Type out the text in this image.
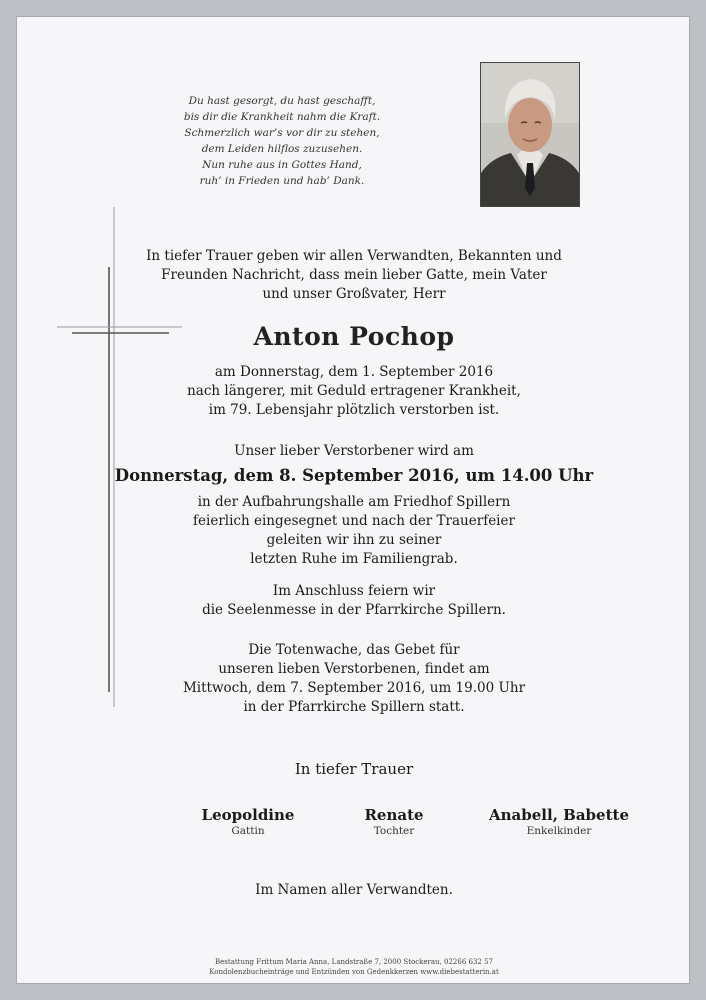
Du hast gesorgt, du hast geschafft,
bis dir die Krankheit nahm die Kraft.
Schmerzlich war’s vor dir zu stehen,
dem Leiden hilflos zuzusehen.
Nun ruhe aus in Gottes Hand,
ruh’ in Frieden und hab’ Dank.
In tiefer Trauer geben wir allen Verwandten, Bekannten und
Freunden Nachricht, dass mein lieber Gatte, mein Vater
und unser Großvater, Herr
Anton Pochop
am Donnerstag, dem 1. September 2016
nach längerer, mit Geduld ertragener Krankheit,
im 79. Lebensjahr plötzlich verstorben ist.
Unser lieber Verstorbener wird am
Donnerstag, dem 8. September 2016, um 14.00 Uhr
in der Aufbahrungshalle am Friedhof Spillern
feierlich eingesegnet und nach der Trauerfeier
geleiten wir ihn zu seiner
letzten Ruhe im Familiengrab.
Im Anschluss feiern wir
die Seelenmesse in der Pfarrkirche Spillern.
Die Totenwache, das Gebet für
unseren lieben Verstorbenen, findet am
Mittwoch, dem 7. September 2016, um 19.00 Uhr
in der Pfarrkirche Spillern statt.
In tiefer Trauer
Leopoldine
Gattin
Renate
Tochter
Anabell, Babette
Enkelkinder
Im Namen aller Verwandten.
Bestattung Frittum Maria Anna, Landstraße 7, 2000 Stockerau, 02266 632 57
Kondolenzbucheinträge und Entzünden von Gedenkkerzen www.diebestatterin.at
